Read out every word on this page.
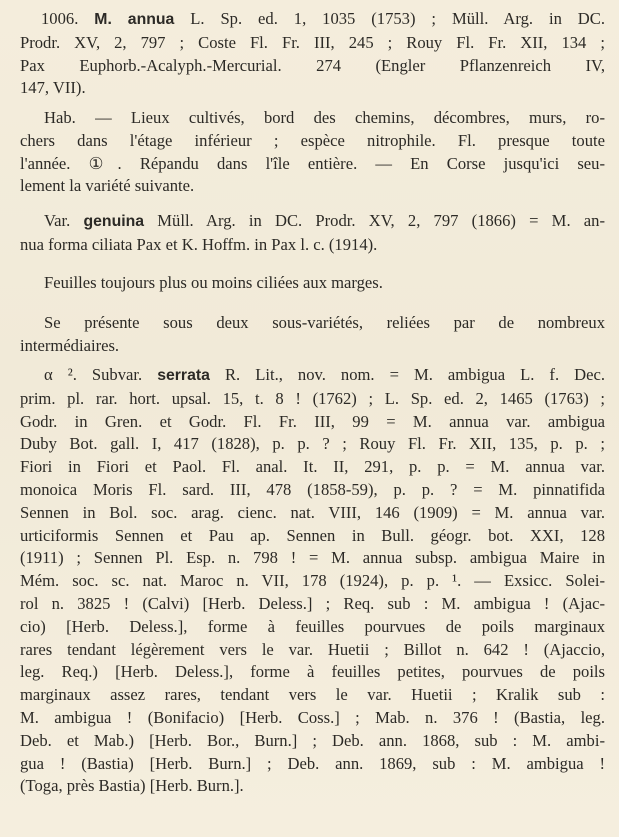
1006. M. annua L. Sp. ed. 1, 1035 (1753) ; Müll. Arg. in DC.
Prodr. XV, 2, 797 ; Coste Fl. Fr. III, 245 ; Rouy Fl. Fr. XII, 134 ;
Pax Euphorb.-Acalyph.-Mercurial. 274 (Engler Pflanzenreich IV,
147, VII).
Hab. — Lieux cultivés, bord des chemins, décombres, murs, ro-
chers dans l'étage inférieur ; espèce nitrophile. Fl. presque toute
l'année. ①. Répandu dans l'île entière. — En Corse jusqu'ici seu-
lement la variété suivante.
Var. genuina Müll. Arg. in DC. Prodr. XV, 2, 797 (1866) = M. an-
nua forma ciliata Pax et K. Hoffm. in Pax l. c. (1914).
Feuilles toujours plus ou moins ciliées aux marges.
Se présente sous deux sous-variétés, reliées par de nombreux
intermédiaires.
α ². Subvar. serrata R. Lit., nov. nom. = M. ambigua L. f. Dec.
prim. pl. rar. hort. upsal. 15, t. 8 ! (1762) ; L. Sp. ed. 2, 1465 (1763) ;
Godr. in Gren. et Godr. Fl. Fr. III, 99 = M. annua var. ambigua
Duby Bot. gall. I, 417 (1828), p. p. ? ; Rouy Fl. Fr. XII, 135, p. p. ;
Fiori in Fiori et Paol. Fl. anal. It. II, 291, p. p. = M. annua var.
monoica Moris Fl. sard. III, 478 (1858-59), p. p. ? = M. pinnatifida
Sennen in Bol. soc. arag. cienc. nat. VIII, 146 (1909) = M. annua var.
urticiformis Sennen et Pau ap. Sennen in Bull. géogr. bot. XXI, 128
(1911) ; Sennen Pl. Esp. n. 798 ! = M. annua subsp. ambigua Maire in
Mém. soc. sc. nat. Maroc n. VII, 178 (1924), p. p. ¹. — Exsicc. Solei-
rol n. 3825 ! (Calvi) [Herb. Deless.] ; Req. sub : M. ambigua ! (Ajac-
cio) [Herb. Deless.], forme à feuilles pourvues de poils marginaux
rares tendant légèrement vers le var. Huetii ; Billot n. 642 ! (Ajaccio,
leg. Req.) [Herb. Deless.], forme à feuilles petites, pourvues de poils
marginaux assez rares, tendant vers le var. Huetii ; Kralik sub :
M. ambigua ! (Bonifacio) [Herb. Coss.] ; Mab. n. 376 ! (Bastia, leg.
Deb. et Mab.) [Herb. Bor., Burn.] ; Deb. ann. 1868, sub : M. ambi-
gua ! (Bastia) [Herb. Burn.] ; Deb. ann. 1869, sub : M. ambigua !
(Toga, près Bastia) [Herb. Burn.].
